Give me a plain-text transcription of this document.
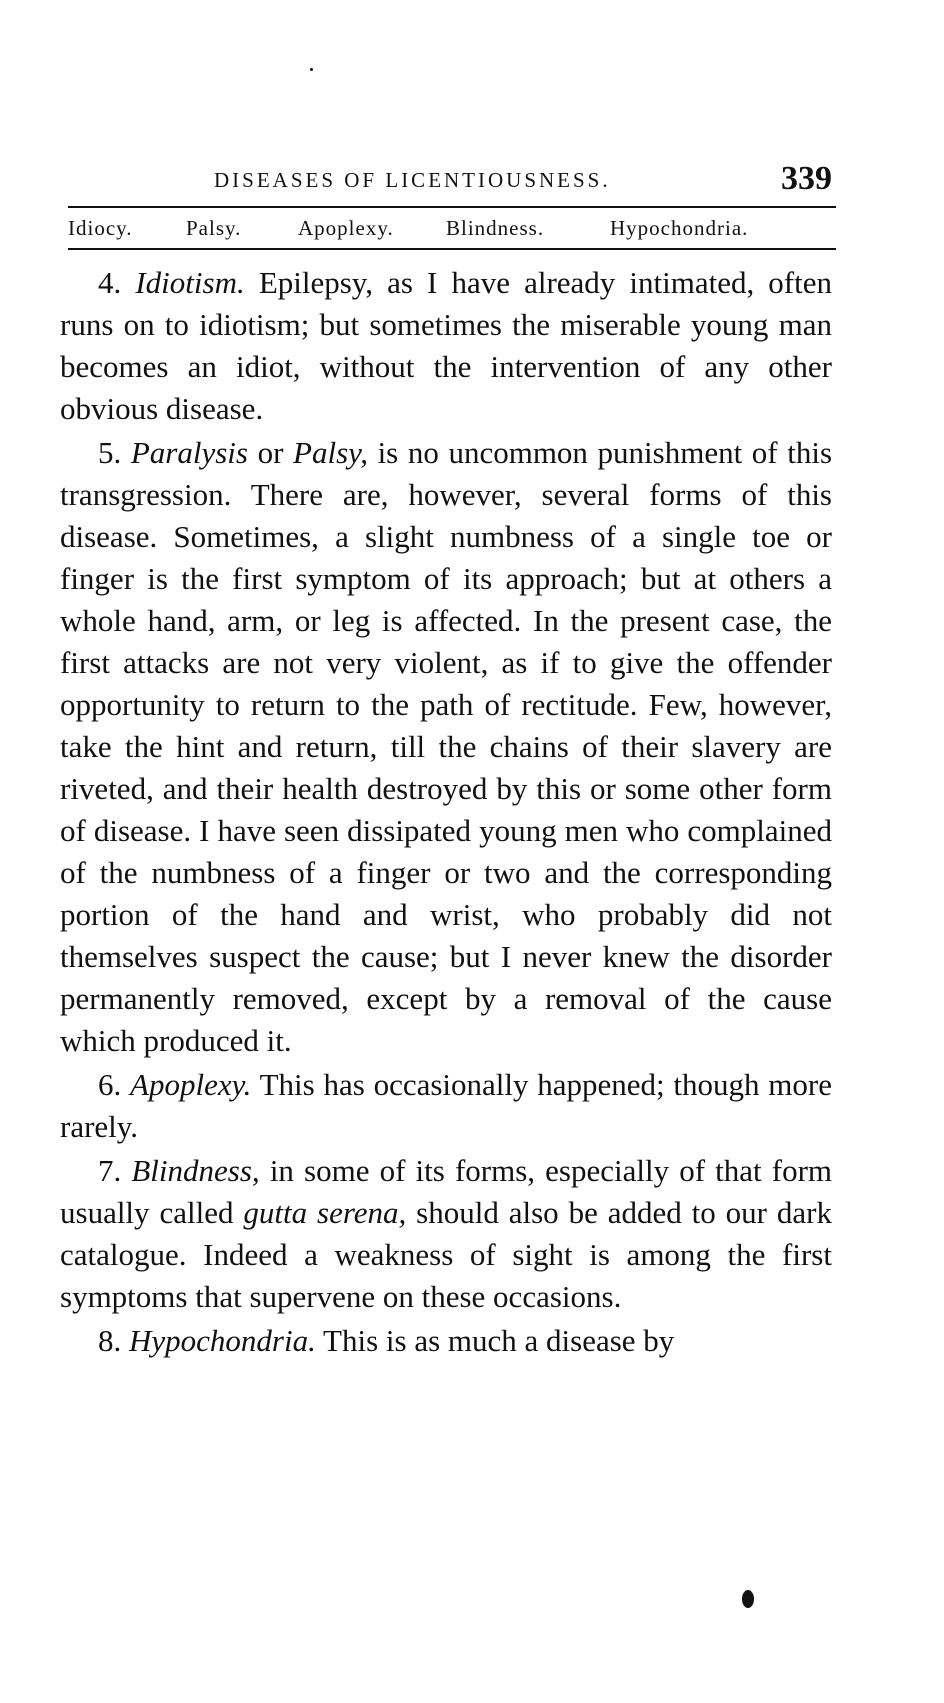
DISEASES OF LICENTIOUSNESS.	339
Idiocy.	Palsy.	Apoplexy. Blindness.	Hypochondria.

4. Idiotism. Epilepsy, as I have already intimated, often runs on to idiotism; but sometimes the miserable young man becomes an idiot, without the intervention of any other obvious disease.

5. Paralysis or Palsy, is no uncommon punishment of this transgression. There are, however, several forms of this disease. Sometimes, a slight numbness of a single toe or finger is the first symptom of its approach; but at others a whole hand, arm, or leg is affected. In the present case, the first attacks are not very violent, as if to give the offender opportunity to return to the path of rectitude. Few, however, take the hint and return, till the chains of their slavery are riveted, and their health destroyed by this or some other form of disease. I have seen dissipated young men who complained of the numbness of a finger or two and the corresponding portion of the hand and wrist, who probably did not themselves suspect the cause; but I never knew the disorder permanently removed, except by a removal of the cause which produced it.

6. Apoplexy. This has occasionally happened; though more rarely.

7. Blindness, in some of its forms, especially of that form usually called gutta serena, should also be added to our dark catalogue. Indeed a weakness of sight is among the first symptoms that supervene on these occasions.

8. Hypochondria. This is as much a disease by
